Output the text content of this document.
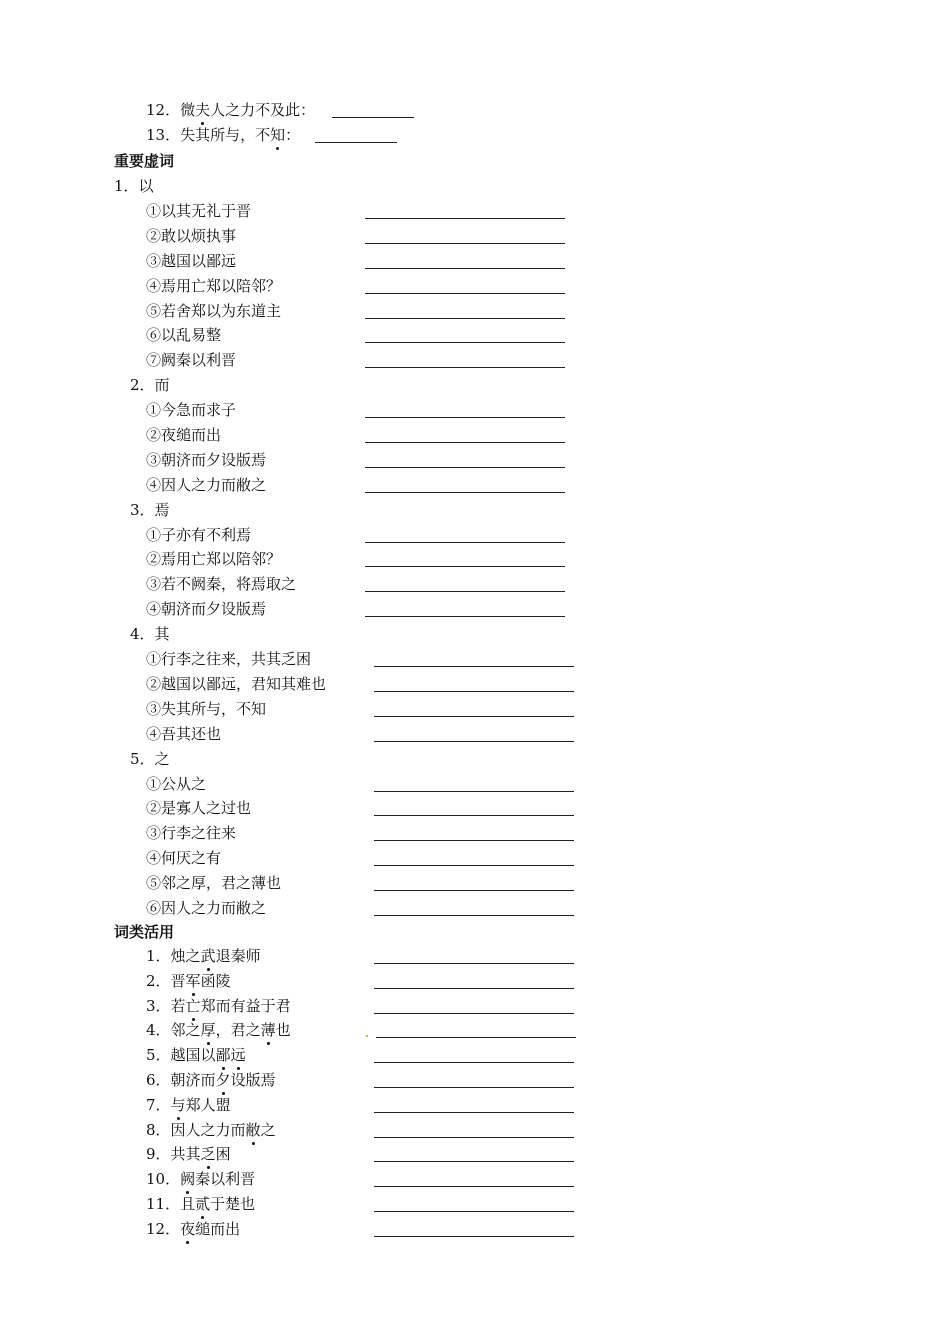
12．微夫人之力不及此：
13．失其所与，不知：
重要虚词
1．以
①以其无礼于晋
②敢以烦执事
③越国以鄙远
④焉用亡郑以陪邻？
⑤若舍郑以为东道主
⑥以乱易整
⑦阙秦以利晋
2．而
①今急而求子
②夜缒而出
③朝济而夕设版焉
④因人之力而敝之
3．焉
①子亦有不利焉
②焉用亡郑以陪邻？
③若不阙秦，将焉取之
④朝济而夕设版焉
4．其
①行李之往来，共其乏困
②越国以鄙远，君知其难也
③失其所与，不知
④吾其还也
5．之
①公从之
②是寡人之过也
③行李之往来
④何厌之有
⑤邻之厚，君之薄也
⑥因人之力而敝之
词类活用
1．烛之武退秦师
2．晋军函陵
3．若亡郑而有益于君
4．邻之厚，君之薄也
5．越国以鄙远
6．朝济而夕设版焉
7．与郑人盟
8．因人之力而敝之
9．共其乏困
10．阙秦以利晋
11．且贰于楚也
12．夜缒而出
